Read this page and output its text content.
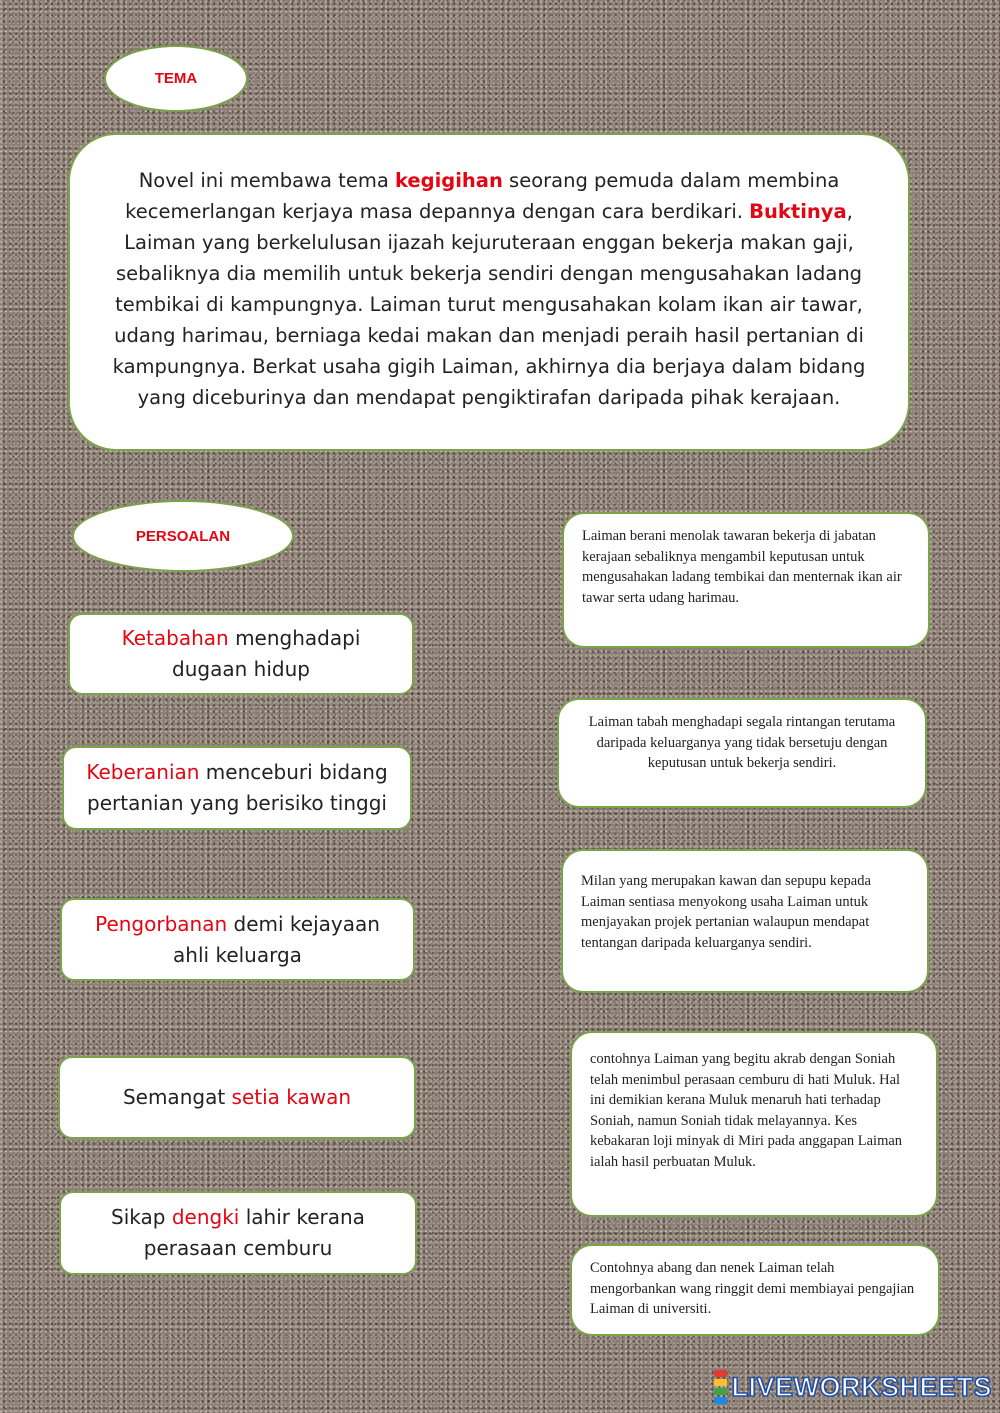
TEMA
Novel ini membawa tema kegigihan seorang pemuda dalam membina kecemerlangan kerjaya masa depannya dengan cara berdikari. Buktinya, Laiman yang berkelulusan ijazah kejuruteraan enggan bekerja makan gaji, sebaliknya dia memilih untuk bekerja sendiri dengan mengusahakan ladang tembikai di kampungnya. Laiman turut mengusahakan kolam ikan air tawar, udang harimau, berniaga kedai makan dan menjadi peraih hasil pertanian di kampungnya. Berkat usaha gigih Laiman, akhirnya dia berjaya dalam bidang yang diceburinya dan mendapat pengiktirafan daripada pihak kerajaan.
PERSOALAN
Ketabahan menghadapi dugaan hidup
Keberanian menceburi bidang pertanian yang berisiko tinggi
Pengorbanan demi kejayaan ahli keluarga
Semangat setia kawan
Sikap dengki lahir kerana perasaan cemburu
Laiman berani menolak tawaran bekerja di jabatan kerajaan sebaliknya mengambil keputusan untuk mengusahakan ladang tembikai dan menternak ikan air tawar serta udang harimau.
Laiman tabah menghadapi segala rintangan terutama daripada keluarganya yang tidak bersetuju dengan keputusan untuk bekerja sendiri.
Milan yang merupakan kawan dan sepupu kepada Laiman sentiasa menyokong usaha Laiman untuk menjayakan projek pertanian walaupun mendapat tentangan daripada keluarganya sendiri.
contohnya Laiman yang begitu akrab dengan Soniah telah menimbul perasaan cemburu di hati Muluk. Hal ini demikian kerana Muluk menaruh hati terhadap Soniah, namun Soniah tidak melayannya. Kes kebakaran loji minyak di Miri pada anggapan Laiman ialah hasil perbuatan Muluk.
Contohnya abang dan nenek Laiman telah mengorbankan wang ringgit demi membiayai pengajian Laiman di universiti.
LIVEWORKSHEETS
